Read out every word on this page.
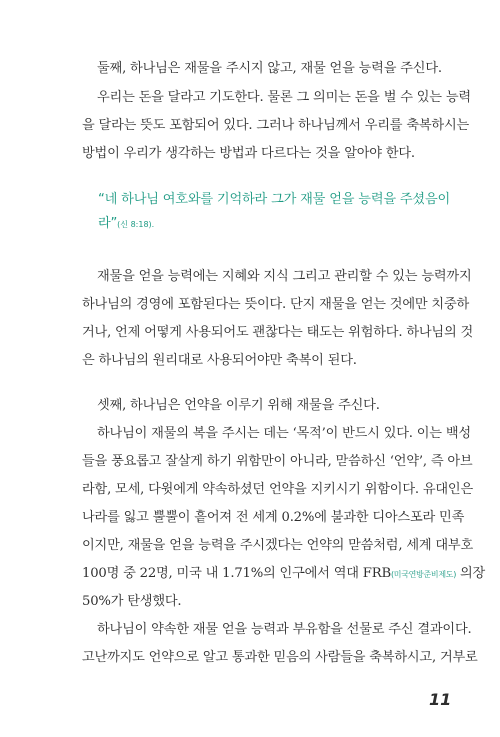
둘째, 하나님은 재물을 주시지 않고, 재물 얻을 능력을 주신다.
우리는 돈을 달라고 기도한다. 물론 그 의미는 돈을 벌 수 있는 능력
을 달라는 뜻도 포함되어 있다. 그러나 하나님께서 우리를 축복하시는
방법이 우리가 생각하는 방법과 다르다는 것을 알아야 한다.
“네 하나님 여호와를 기억하라 그가 재물 얻을 능력을 주셨음이
라”(신 8:18).
재물을 얻을 능력에는 지혜와 지식 그리고 관리할 수 있는 능력까지
하나님의 경영에 포함된다는 뜻이다. 단지 재물을 얻는 것에만 치중하
거나, 언제 어떻게 사용되어도 괜찮다는 태도는 위험하다. 하나님의 것
은 하나님의 원리대로 사용되어야만 축복이 된다.
셋째, 하나님은 언약을 이루기 위해 재물을 주신다.
하나님이 재물의 복을 주시는 데는 ‘목적’이 반드시 있다. 이는 백성
들을 풍요롭고 잘살게 하기 위함만이 아니라, 맏씀하신 ‘언약’, 즉 아브
라함, 모세, 다윗에게 약속하셨던 언약을 지키시기 위함이다. 유대인은
나라를 잃고 뿔뿔이 흩어져 전 세계 0.2%에 불과한 디아스포라 민족
이지만, 재물을 얻을 능력을 주시겠다는 언약의 맏씀처럼, 세계 대부호
100명 중 22명, 미국 내 1.71%의 인구에서 역대 FRB(미국연방준비제도) 의장
50%가 탄생했다.
하나님이 약속한 재물 얻을 능력과 부유함을 선물로 주신 결과이다.
고난까지도 언약으로 알고 통과한 믿음의 사람들을 축복하시고, 거부로
11
